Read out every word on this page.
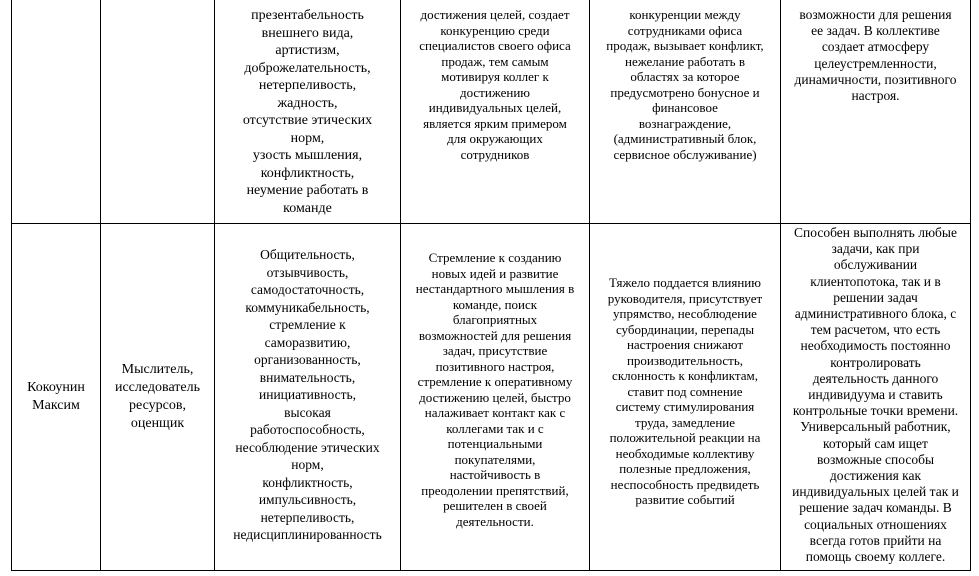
презентабельность
внешнего вида,
артистизм,
доброжелательность,
нетерпеливость,
жадность,
отсутствие этических
норм,
узость мышления,
конфликтность,
неумение работать в
команде
достижения целей, создает
конкуренцию среди
специалистов своего офиса
продаж, тем самым
мотивируя коллег к
достижению
индивидуальных целей,
является ярким примером
для окружающих
сотрудников
конкуренции между
сотрудниками офиса
продаж, вызывает конфликт,
нежелание работать в
областях за которое
предусмотрено бонусное и
финансовое
вознаграждение,
(административный блок,
сервисное обслуживание)
возможности для решения
ее задач. В коллективе
создает атмосферу
целеустремленности,
динамичности, позитивного
настроя.
Кокоунин
Максим
Мыслитель,
исследователь
ресурсов,
оценщик
Общительность,
отзывчивость,
самодостаточность,
коммуникабельность,
стремление к
саморазвитию,
организованность,
внимательность,
инициативность,
высокая
работоспособность,
несоблюдение этических
норм,
конфликтность,
импульсивность,
нетерпеливость,
недисциплинированность
Стремление к созданию
новых идей и развитие
нестандартного мышления в
команде, поиск
благоприятных
возможностей для решения
задач, присутствие
позитивного настроя,
стремление к оперативному
достижению целей, быстро
налаживает контакт как с
коллегами так и с
потенциальными
покупателями,
настойчивость в
преодолении препятствий,
решителен в своей
деятельности.
Тяжело поддается влиянию
руководителя, присутствует
упрямство, несоблюдение
субординации, перепады
настроения снижают
производительность,
склонность к конфликтам,
ставит под сомнение
систему стимулирования
труда, замедление
положительной реакции на
необходимые коллективу
полезные предложения,
неспособность предвидеть
развитие событий
Способен выполнять любые
задачи, как при
обслуживании
клиентопотока, так и в
решении задач
административного блока, с
тем расчетом, что есть
необходимость постоянно
контролировать
деятельность данного
индивидуума и ставить
контрольные точки времени.
Универсальный работник,
который сам ищет
возможные способы
достижения как
индивидуальных целей так и
решение задач команды. В
социальных отношениях
всегда готов прийти на
помощь своему коллеге.
